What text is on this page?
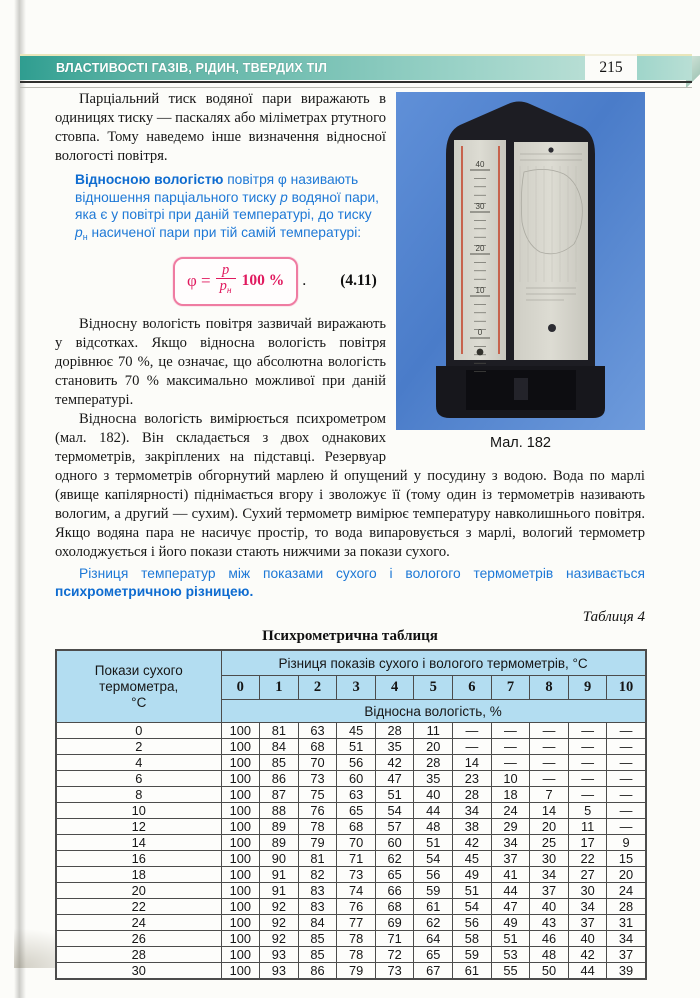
ВЛАСТИВОСТІ ГАЗІВ, РІДИН, ТВЕРДИХ ТІЛ	215
40
30
20
10
0
Мал. 182

Парціальний тиск водяної пари виражають в одиницях тиску — паскалях або міліметрах ртутного стовпа. Тому наведемо інше визначення відносної вологості повітря.

Відносною вологістю повітря φ називають відношення парціального тиску p водяної пари, яка є у повітрі при даній температурі, до тиску $p_н$ насиченої пари при тій самій температурі:
$\varphi = \frac{p}{p_н} 100$ % . (4.11)

Відносну вологість повітря зазвичай виражають у відсотках. Якщо відносна вологість повітря дорівнює 70 %, це означає, що абсолютна вологість становить 70 % максимально можливої при даній температурі.

Відносна вологість вимірюється психрометром (мал. 182). Він складається з двох однакових термометрів, закріплених на підставці. Резервуар одного з термометрів обгорнутий марлею й опущений у посудину з водою. Вода по марлі (явище капілярності) піднімається вгору і зволожує її (тому один із термометрів називають вологим, а другий — сухим). Сухий термометр вимірює температуру навколишнього повітря. Якщо водяна пара не насичує простір, то вода випаровується з марлі, вологий термометр охолоджується і його покази стають нижчими за покази сухого.

Різниця температур між показами сухого і вологого термометрів називається психрометричною різницею.
Таблиця 4
Психрометрична таблиця
Покази сухого
термометра,
°С	Різниця показів сухого і вологого термометрів, °С										
	0	1	2	3	4	5	6	7	8	9	10
	Відносна вологість, %										
0	100	81	63	45	28	11	—	—	—	—	—
2	100	84	68	51	35	20	—	—	—	—	—
4	100	85	70	56	42	28	14	—	—	—	—
6	100	86	73	60	47	35	23	10	—	—	—
8	100	87	75	63	51	40	28	18	7	—	—
10	100	88	76	65	54	44	34	24	14	5	—
12	100	89	78	68	57	48	38	29	20	11	—
14	100	89	79	70	60	51	42	34	25	17	9
16	100	90	81	71	62	54	45	37	30	22	15
18	100	91	82	73	65	56	49	41	34	27	20
20	100	91	83	74	66	59	51	44	37	30	24
22	100	92	83	76	68	61	54	47	40	34	28
24	100	92	84	77	69	62	56	49	43	37	31
26	100	92	85	78	71	64	58	51	46	40	34
28	100	93	85	78	72	65	59	53	48	42	37
30	100	93	86	79	73	67	61	55	50	44	39
